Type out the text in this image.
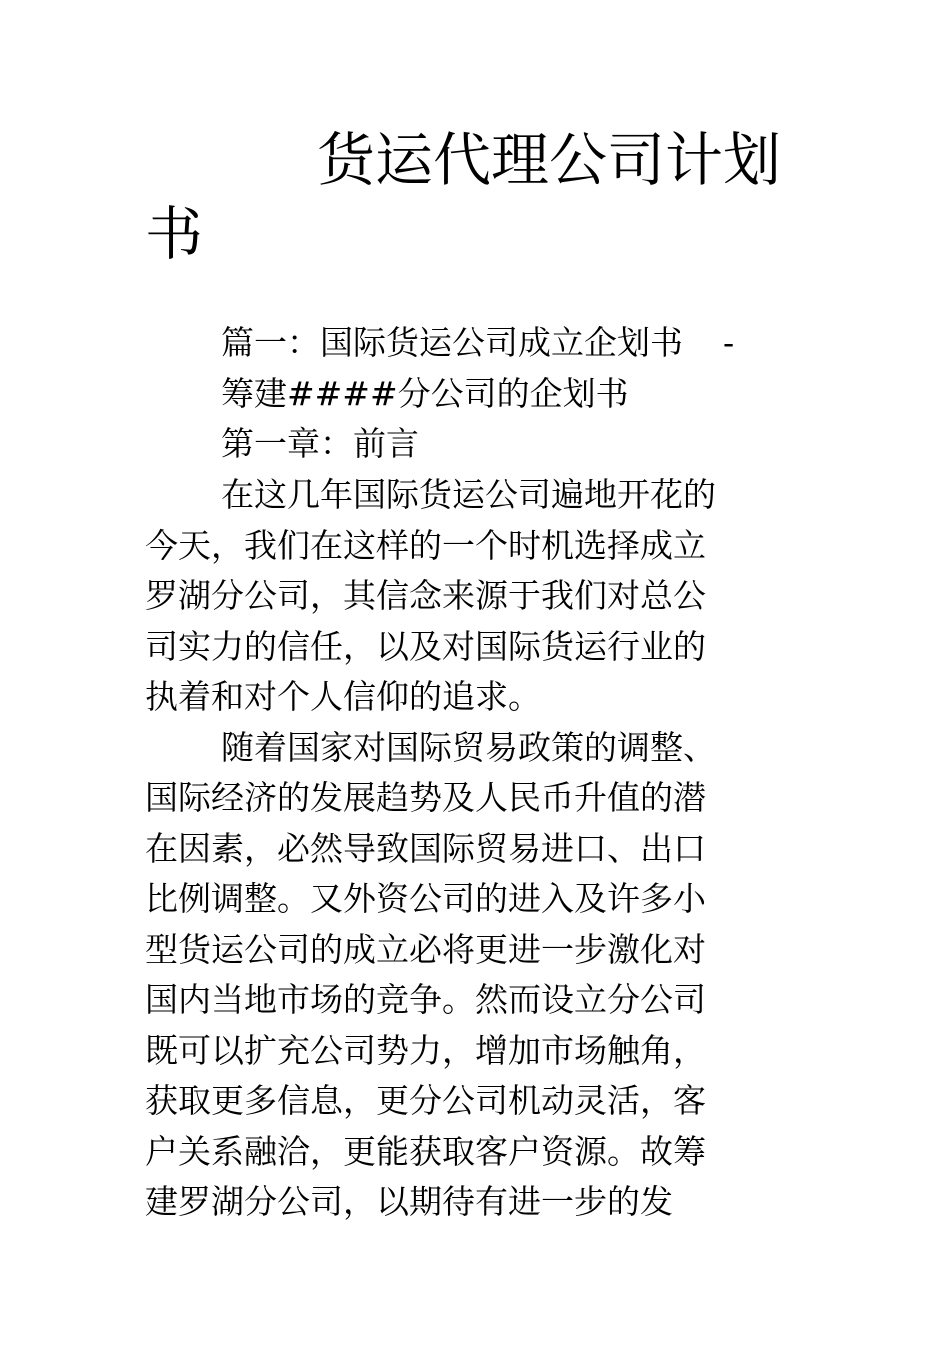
货运代理公司计划
书
篇一：国际货运公司成立企划书 -
筹建####分公司的企划书
第一章：前言
在这几年国际货运公司遍地开花的
今天，我们在这样的一个时机选择成立
罗湖分公司，其信念来源于我们对总公
司实力的信任，以及对国际货运行业的
执着和对个人信仰的追求。
随着国家对国际贸易政策的调整、
国际经济的发展趋势及人民币升值的潜
在因素，必然导致国际贸易进口、出口
比例调整。又外资公司的进入及许多小
型货运公司的成立必将更进一步激化对
国内当地市场的竞争。然而设立分公司
既可以扩充公司势力，增加市场触角，
获取更多信息，更分公司机动灵活，客
户关系融洽，更能获取客户资源。故筹
建罗湖分公司，以期待有进一步的发
